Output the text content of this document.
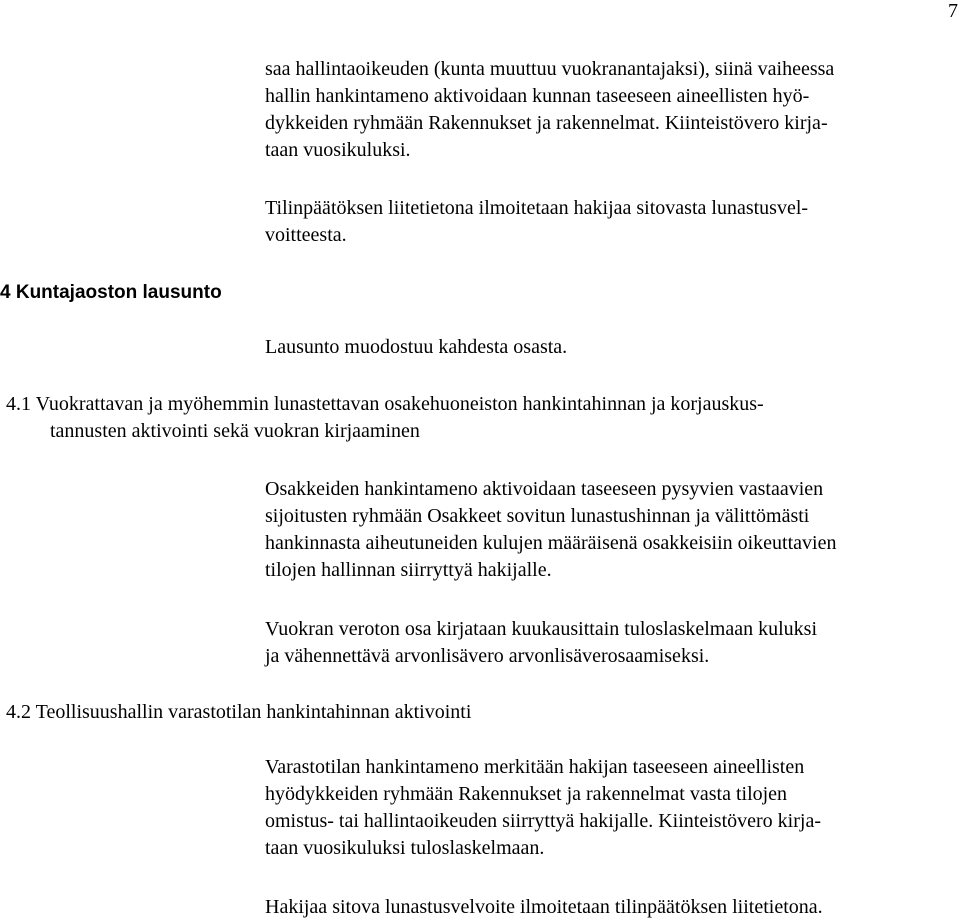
7
saa hallintaoikeuden (kunta muuttuu vuokranantajaksi), siinä vaiheessa
hallin hankintameno aktivoidaan kunnan taseeseen aineellisten hyö-
dykkeiden ryhmään Rakennukset ja rakennelmat. Kiinteistövero kirja-
taan vuosikuluksi.
Tilinpäätöksen liitetietona ilmoitetaan hakijaa sitovasta lunastusvel-
voitteesta.
4 Kuntajaoston lausunto
Lausunto muodostuu kahdesta osasta.
4.1 Vuokrattavan ja myöhemmin lunastettavan osakehuoneiston hankintahinnan ja korjauskus-
tannusten aktivointi sekä vuokran kirjaaminen
Osakkeiden hankintameno aktivoidaan taseeseen pysyvien vastaavien
sijoitusten ryhmään Osakkeet sovitun lunastushinnan ja välittömästi
hankinnasta aiheutuneiden kulujen määräisenä osakkeisiin oikeuttavien
tilojen hallinnan siirryttyä hakijalle.
Vuokran veroton osa kirjataan kuukausittain tuloslaskelmaan kuluksi
ja vähennettävä arvonlisävero arvonlisäverosaamiseksi.
4.2 Teollisuushallin varastotilan hankintahinnan aktivointi
Varastotilan hankintameno merkitään hakijan taseeseen aineellisten
hyödykkeiden ryhmään Rakennukset ja rakennelmat vasta tilojen
omistus- tai hallintaoikeuden siirryttyä hakijalle. Kiinteistövero kirja-
taan vuosikuluksi tuloslaskelmaan.
Hakijaa sitova lunastusvelvoite ilmoitetaan tilinpäätöksen liitetietona.
